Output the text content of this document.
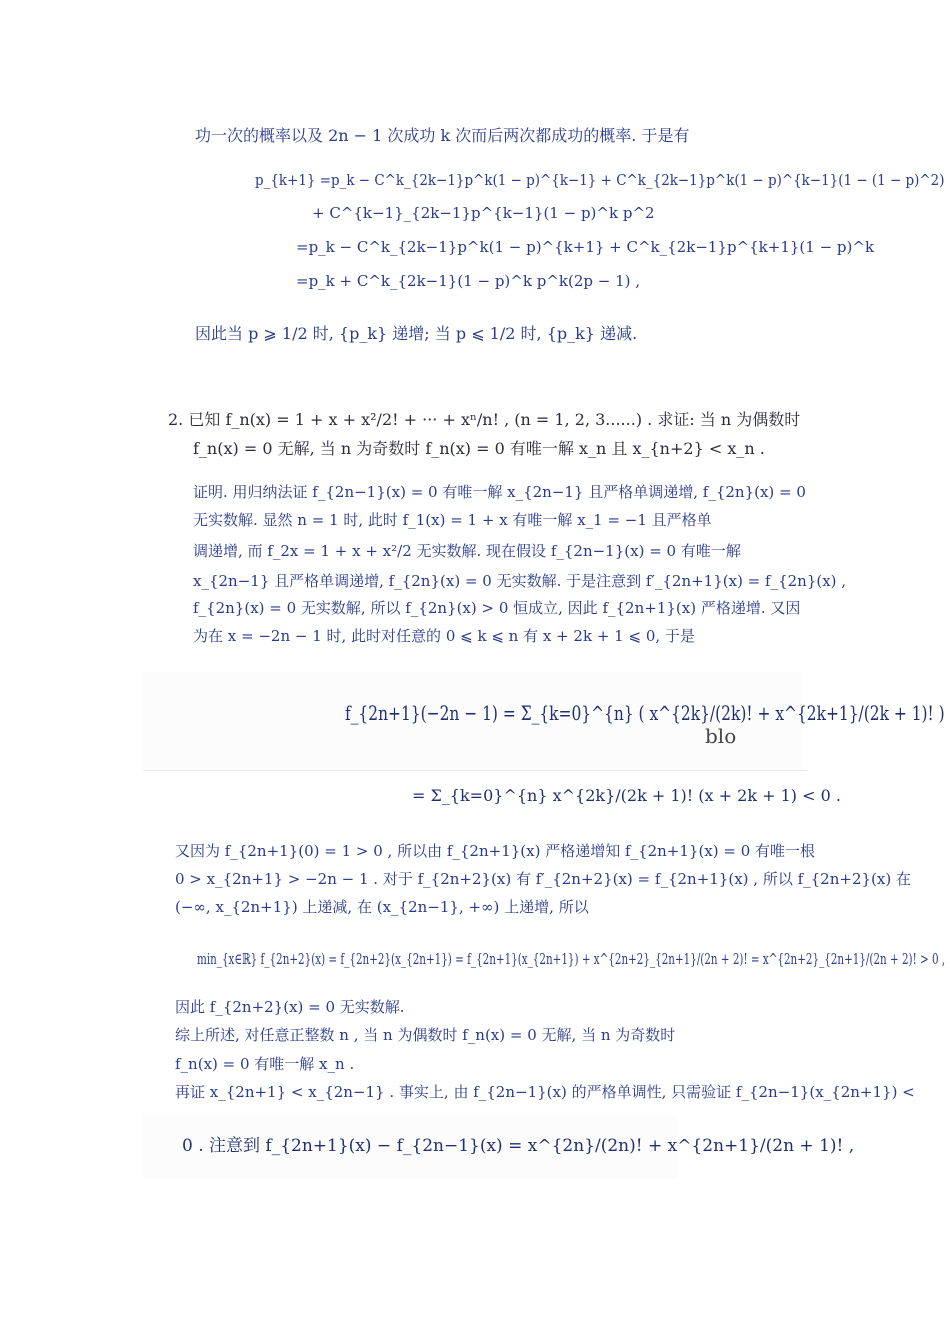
功一次的概率以及 2n − 1 次成功 k 次而后两次都成功的概率. 于是有
p_{k+1} =p_k − C^k_{2k−1}p^k(1 − p)^{k−1} + C^k_{2k−1}p^k(1 − p)^{k−1}(1 − (1 − p)^2)
+ C^{k−1}_{2k−1}p^{k−1}(1 − p)^k p^2
=p_k − C^k_{2k−1}p^k(1 − p)^{k+1} + C^k_{2k−1}p^{k+1}(1 − p)^k
=p_k + C^k_{2k−1}(1 − p)^k p^k(2p − 1) ,
因此当 p ⩾ 1/2 时, {p_k} 递增; 当 p ⩽ 1/2 时, {p_k} 递减.
2. 已知 f_n(x) = 1 + x + x²/2! + ··· + xⁿ/n! , (n = 1, 2, 3......) . 求证: 当 n 为偶数时
f_n(x) = 0 无解, 当 n 为奇数时 f_n(x) = 0 有唯一解 x_n 且 x_{n+2} < x_n .
证明. 用归纳法证 f_{2n−1}(x) = 0 有唯一解 x_{2n−1} 且严格单调递增, f_{2n}(x) = 0
无实数解. 显然 n = 1 时, 此时 f_1(x) = 1 + x 有唯一解 x_1 = −1 且严格单
调递增, 而 f_2x = 1 + x + x²/2 无实数解. 现在假设 f_{2n−1}(x) = 0 有唯一解
x_{2n−1} 且严格单调递增, f_{2n}(x) = 0 无实数解. 于是注意到 f′_{2n+1}(x) = f_{2n}(x) ,
f_{2n}(x) = 0 无实数解, 所以 f_{2n}(x) > 0 恒成立, 因此 f_{2n+1}(x) 严格递增. 又因
为在 x = −2n − 1 时, 此时对任意的 0 ⩽ k ⩽ n 有 x + 2k + 1 ⩽ 0, 于是
f_{2n+1}(−2n − 1) = Σ_{k=0}^{n} ( x^{2k}/(2k)! + x^{2k+1}/(2k + 1)! )
blo
= Σ_{k=0}^{n} x^{2k}/(2k + 1)! (x + 2k + 1) < 0 .
又因为 f_{2n+1}(0) = 1 > 0 , 所以由 f_{2n+1}(x) 严格递增知 f_{2n+1}(x) = 0 有唯一根
0 > x_{2n+1} > −2n − 1 . 对于 f_{2n+2}(x) 有 f′_{2n+2}(x) = f_{2n+1}(x) , 所以 f_{2n+2}(x) 在
(−∞, x_{2n+1}) 上递减, 在 (x_{2n−1}, +∞) 上递增, 所以
min_{x∈ℝ} f_{2n+2}(x) = f_{2n+2}(x_{2n+1}) = f_{2n+1}(x_{2n+1}) + x^{2n+2}_{2n+1}/(2n + 2)! = x^{2n+2}_{2n+1}/(2n + 2)! > 0 ,
因此 f_{2n+2}(x) = 0 无实数解.
综上所述, 对任意正整数 n , 当 n 为偶数时 f_n(x) = 0 无解, 当 n 为奇数时
f_n(x) = 0 有唯一解 x_n .
再证 x_{2n+1} < x_{2n−1} . 事实上, 由 f_{2n−1}(x) 的严格单调性, 只需验证 f_{2n−1}(x_{2n+1}) <
0 . 注意到 f_{2n+1}(x) − f_{2n−1}(x) = x^{2n}/(2n)! + x^{2n+1}/(2n + 1)! ,
